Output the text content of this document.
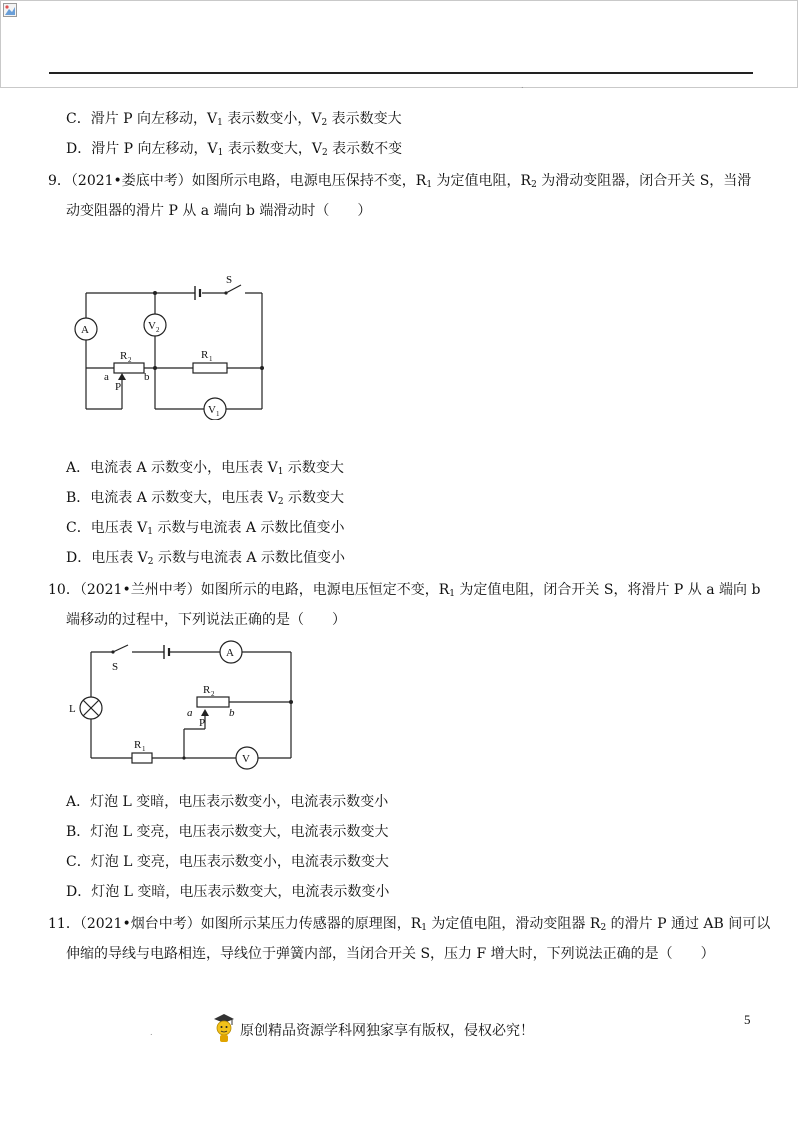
.
C．滑片 P 向左移动，$V_1$ 表示数变小，$V_2$ 表示数变大
D．滑片 P 向左移动，$V_1$ 表示数变大，$V_2$ 表示数不变
9．（2021•娄底中考）如图所示电路，电源电压保持不变，$R_1$ 为定值电阻，$R_2$ 为滑动变阻器，闭合开关 S，当滑
动变阻器的滑片 P 从 a 端向 b 端滑动时（　　）
S
A	V 2
R 2	R 1
a	b
P
V 1
A．电流表 A 示数变小，电压表 $V_1$ 示数变大
B．电流表 A 示数变大，电压表 $V_2$ 示数变大
C．电压表 $V_1$ 示数与电流表 A 示数比值变小
D．电压表 $V_2$ 示数与电流表 A 示数比值变小
10．（2021•兰州中考）如图所示的电路，电源电压恒定不变，$R_1$ 为定值电阻，闭合开关 S，将滑片 P 从 a 端向 b
端移动的过程中，下列说法正确的是（　　）
S
A
L
R 2
a	b
P
R 1
V
A．灯泡 L 变暗，电压表示数变小，电流表示数变小
B．灯泡 L 变亮，电压表示数变大，电流表示数变大
C．灯泡 L 变亮，电压表示数变小，电流表示数变大
D．灯泡 L 变暗，电压表示数变大，电流表示数变小
11．（2021•烟台中考）如图所示某压力传感器的原理图，$R_1$ 为定值电阻，滑动变阻器 $R_2$ 的滑片 P 通过 AB 间可以
伸缩的导线与电路相连，导线位于弹簧内部，当闭合开关 S，压力 F 增大时，下列说法正确的是（　　）
.	原创精品资源学科网独家享有版权，侵权必究！
5
